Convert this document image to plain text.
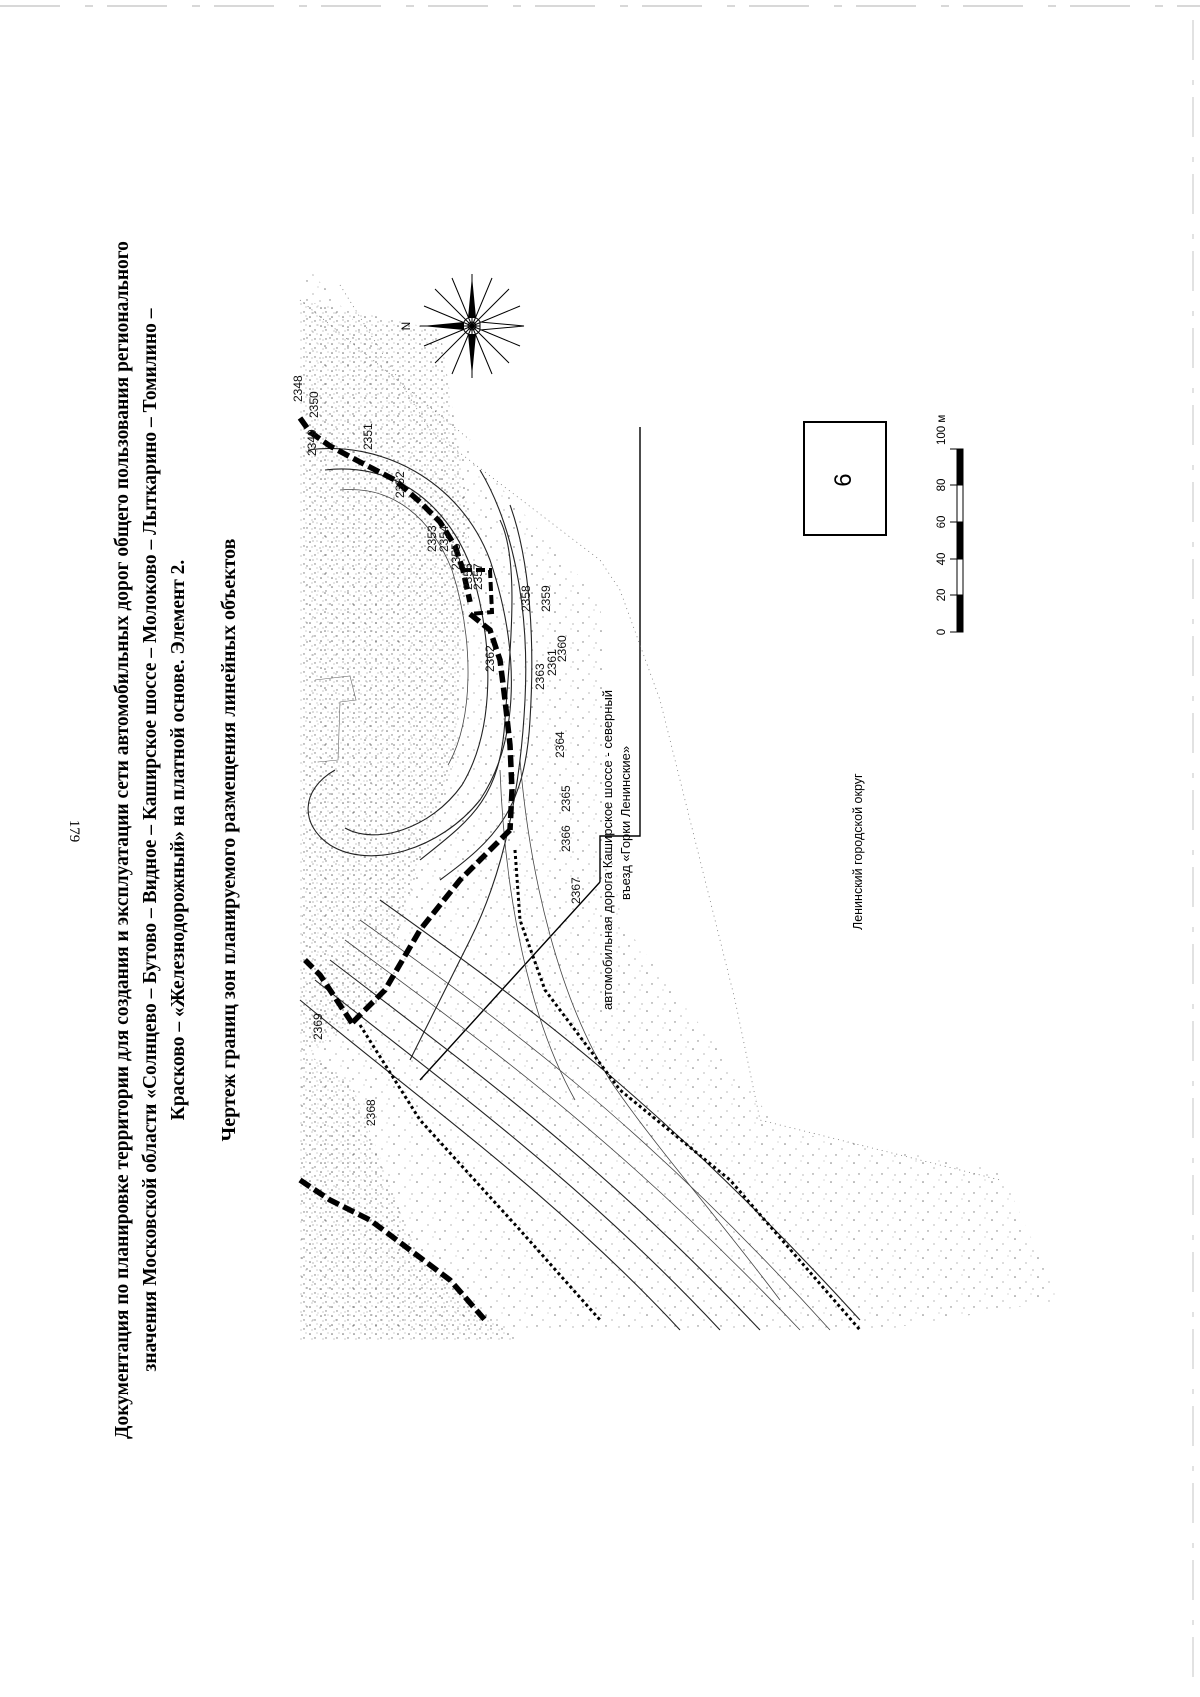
179 Документация по планировке территории для создания и эксплуатации сети автомобильных дорог общего пользования регионального значения Московской области «Солнцево – Бутово – Видное – Каширское шоссе – Молоково – Лыткарино – Томилино – Красково – «Железнодорожный» на платной основе. Элемент 2. Чертеж границ зон планируемого размещения линейных объектов
2348
2349
2350
2351
2352
2353
2354
2355
2356
2357
2358 2359
2360
2361
2362
2363
2364
2365
2366
2367
2368
2369
автомобильная дорога Каширское шоссе - северный въезд «Горки Ленинские»	Ленинский городской округ
N
6
0
20
40
60
80
100 м
